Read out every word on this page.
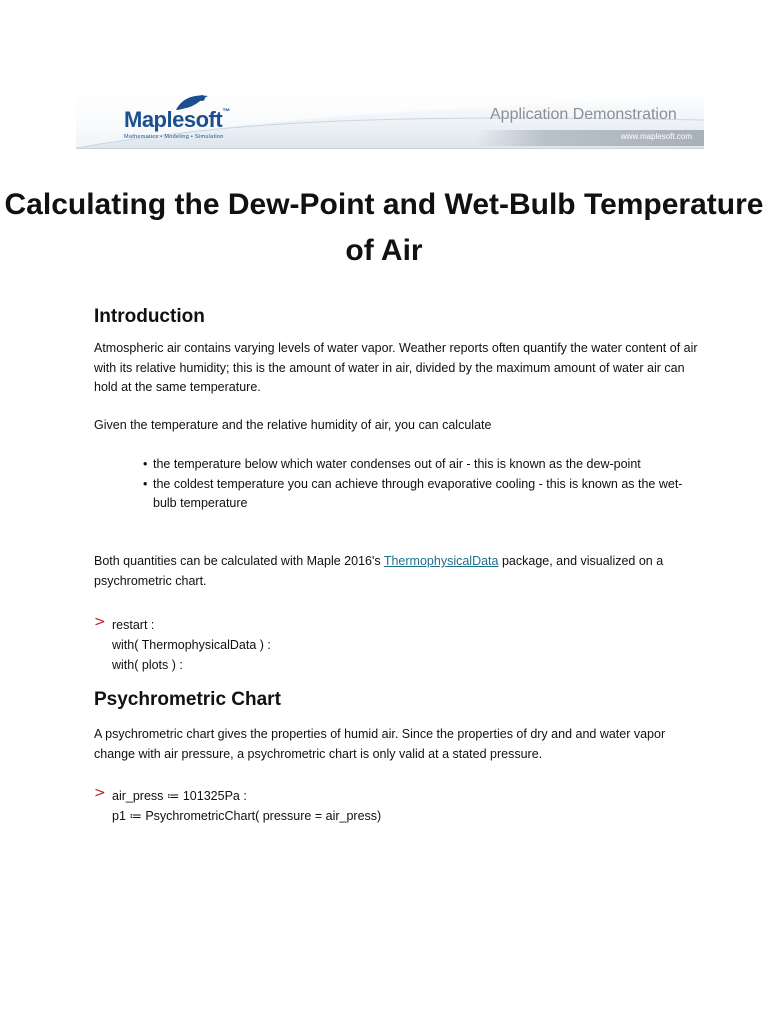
Maplesoft™
Mathematics • Modeling • Simulation
Application Demonstration
www.maplesoft.com
Calculating the Dew-Point and Wet-Bulb Temperature of Air
Introduction

Atmospheric air contains varying levels of water vapor. Weather reports often quantify the water content of air with its relative humidity; this is the amount of water in air, divided by the maximum amount of water air can hold at the same temperature.

Given the temperature and the relative humidity of air, you can calculate

• the temperature below which water condenses out of air - this is known as the dew-point
• the coldest temperature you can achieve through evaporative cooling - this is known as the wet-bulb temperature

Both quantities can be calculated with Maple 2016's ThermophysicalData package, and visualized on a psychrometric chart.

> restart :
with( ThermophysicalData ) :
with( plots ) :
Psychrometric Chart

A psychrometric chart gives the properties of humid air. Since the properties of dry and and water vapor change with air pressure, a psychrometric chart is only valid at a stated pressure.

> air_press ≔ 101325Pa :
p1 ≔ PsychrometricChart( pressure = air_press)
